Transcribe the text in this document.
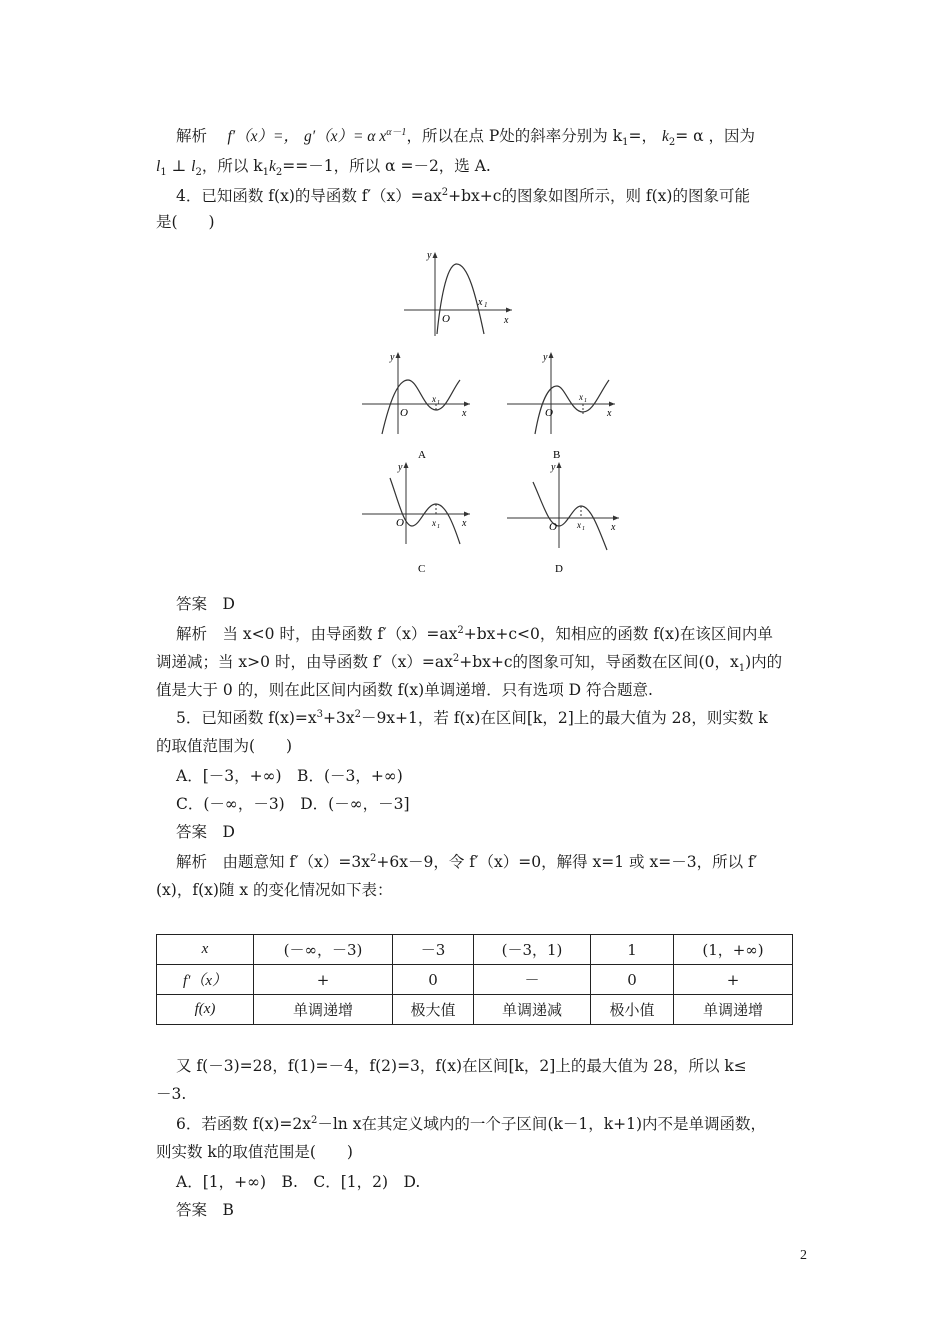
解析　 f′（x）=， g′（x）= α $x^{\alpha-1}$，所以在点 P处的斜率分别为 $k_1=$， $k_2= \alpha$ ，因为
$l_1$ ⊥ $l_2$，所以 $k_1k_2==-1$，所以 α =－2，选 A.
4．已知函数 f(x)的导函数 $f'(x)=ax^2+bx+c$的图象如图所示，则 f(x)的图象可能
是(　　)
y
x
O
x 1
y
x
O
x 1
A
y
x
O
x 1
B
y
x
O	x 1
C
y
x
O x 1
D
答案　D
解析　当 x<0 时，由导函数 $f'(x)=ax^2+bx+c<0$，知相应的函数 f(x)在该区间内单
调递减；当 x>0 时，由导函数 $f'(x)=ax^2+bx+c$的图象可知，导函数在区间(0，$x_1$)内的
值是大于 0 的，则在此区间内函数 f(x)单调递增．只有选项 D 符合题意.
5．已知函数 $f(x)=x^3+3x^2-9x+1$，若 f(x)在区间[k，2]上的最大值为 28，则实数 k
的取值范围为(　　)
A．[－3，+∞)　B．(－3，+∞)
C．(－∞，－3)　D．(－∞，－3]
答案　D
解析　由题意知 $f'(x)=3x^2+6x-9$，令 f′（x）=0，解得 x=1 或 x=－3，所以 f′
(x)，f(x)随 x 的变化情况如下表：
x	(－∞，－3)	－3	(－3，1)	1	(1，+∞)
f′（x）	+	0	－	0	+
f(x)	单调递增	极大值	单调递减	极小值	单调递增
又 f(－3)=28，f(1)=－4，f(2)=3，f(x)在区间[k，2]上的最大值为 28，所以 k≤
－3.
6．若函数 $f(x)=2x^2-\ln$ x在其定义域内的一个子区间(k－1，k+1)内不是单调函数，
则实数 k的取值范围是(　　)
A．[1，+∞)　B.　C．[1，2)　D.
答案　B
2
